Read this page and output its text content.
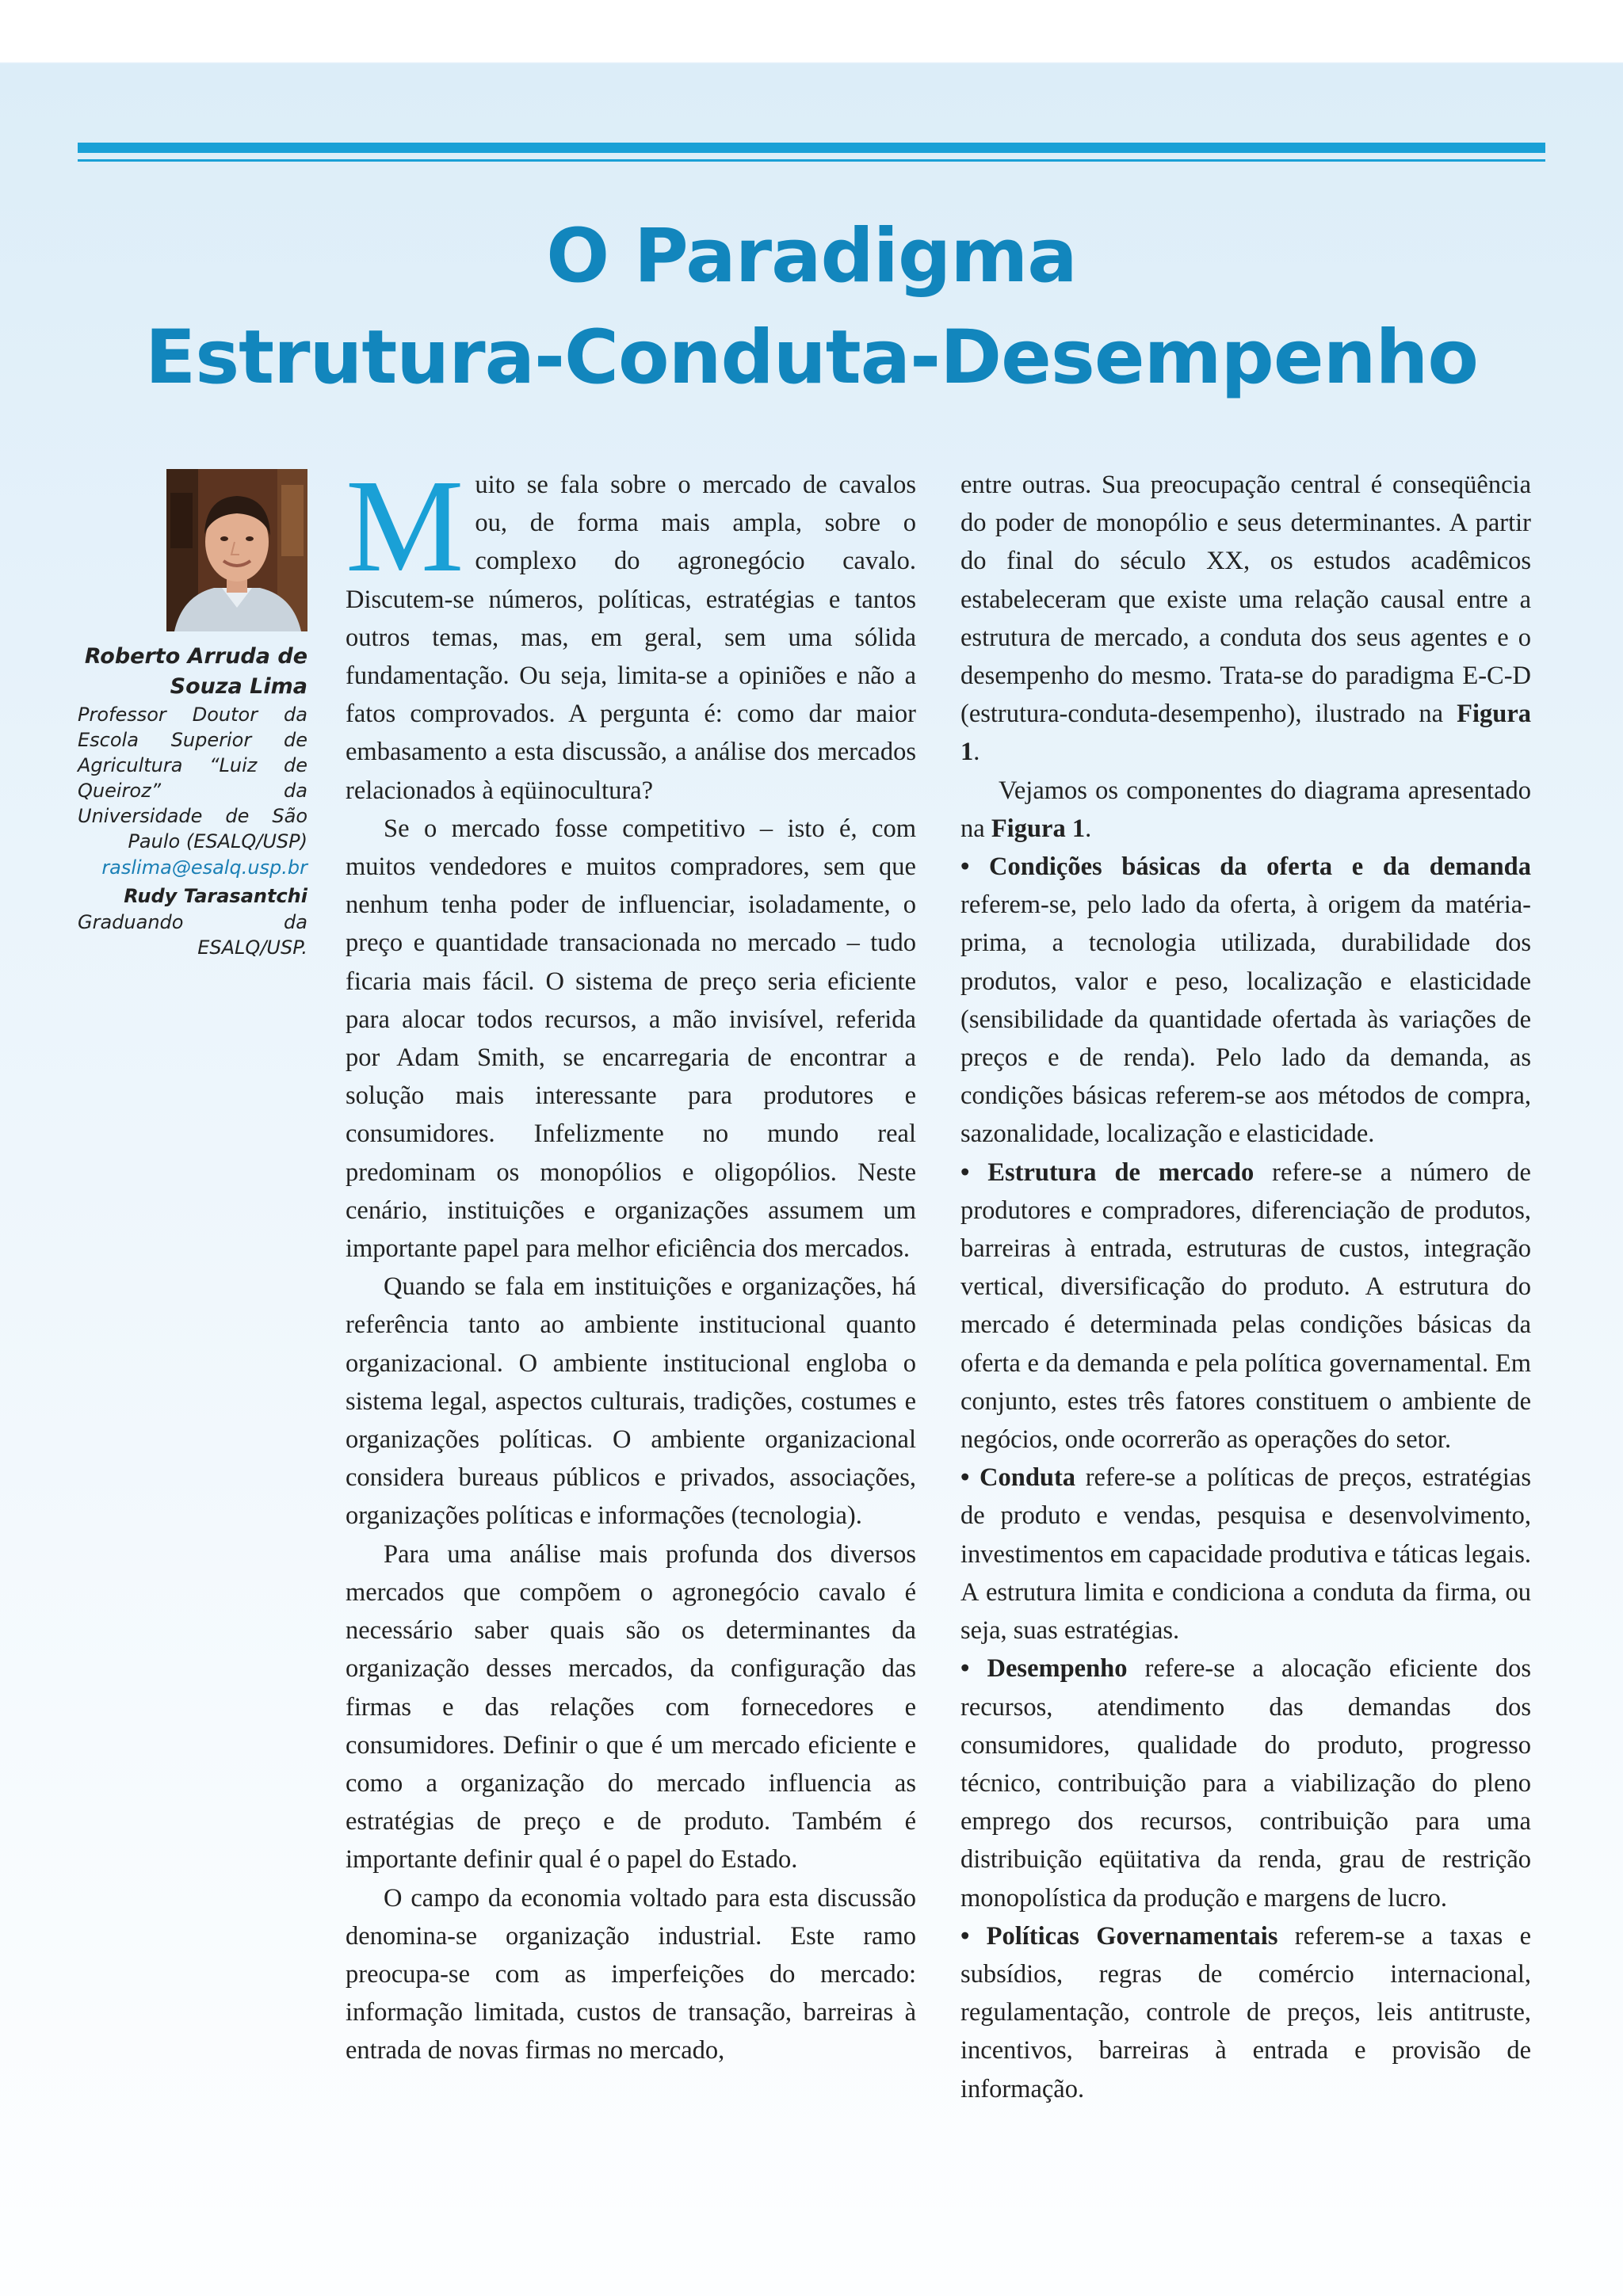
O Paradigma
Estrutura-Conduta-Desempenho
Roberto Arruda de Souza Lima
Professor Doutor da Escola Superior de Agricultura “Luiz de Queiroz” da Universidade de São Paulo (ESALQ/USP)
raslima@esalq.usp.br
Rudy Tarasantchi
Graduando da ESALQ/USP.

Muito se fala sobre o mercado de cavalos ou, de forma mais ampla, sobre o complexo do agronegócio cavalo. Discutem-se números, políticas, estratégias e tantos outros temas, mas, em geral, sem uma sólida fundamentação. Ou seja, limita-se a opiniões e não a fatos comprovados. A pergunta é: como dar maior embasamento a esta discussão, a análise dos mercados relacionados à eqüinocultura?

Se o mercado fosse competitivo – isto é, com muitos vendedores e muitos compradores, sem que nenhum tenha poder de influenciar, isoladamente, o preço e quantidade transacionada no mercado – tudo ficaria mais fácil. O sistema de preço seria eficiente para alocar todos recursos, a mão invisível, referida por Adam Smith, se encarregaria de encontrar a solução mais interessante para produtores e consumidores. Infelizmente no mundo real predominam os monopólios e oligopólios. Neste cenário, instituições e organizações assumem um importante papel para melhor eficiência dos mercados.

Quando se fala em instituições e organizações, há referência tanto ao ambiente institucional quanto organizacional. O ambiente institucional engloba o sistema legal, aspectos culturais, tradições, costumes e organizações políticas. O ambiente organizacional considera bureaus públicos e privados, associações, organizações políticas e informações (tecnologia).

Para uma análise mais profunda dos diversos mercados que compõem o agronegócio cavalo é necessário saber quais são os determinantes da organização desses mercados, da configuração das firmas e das relações com fornecedores e consumidores. Definir o que é um mercado eficiente e como a organização do mercado influencia as estratégias de preço e de produto. Também é importante definir qual é o papel do Estado.

O campo da economia voltado para esta discussão denomina-se organização industrial. Este ramo preocupa-se com as imperfeições do mercado: informação limitada, custos de transação, barreiras à entrada de novas firmas no mercado,

entre outras. Sua preocupação central é conseqüência do poder de monopólio e seus determinantes. A partir do final do século XX, os estudos acadêmicos estabeleceram que existe uma relação causal entre a estrutura de mercado, a conduta dos seus agentes e o desempenho do mesmo. Trata-se do paradigma E-C-D (estrutura-conduta-desempenho), ilustrado na Figura 1.

Vejamos os componentes do diagrama apresentado na Figura 1.

• Condições básicas da oferta e da demanda referem-se, pelo lado da oferta, à origem da matéria-prima, a tecnologia utilizada, durabilidade dos produtos, valor e peso, localização e elasticidade (sensibilidade da quantidade ofertada às variações de preços e de renda). Pelo lado da demanda, as condições básicas referem-se aos métodos de compra, sazonalidade, localização e elasticidade.

• Estrutura de mercado refere-se a número de produtores e compradores, diferenciação de produtos, barreiras à entrada, estruturas de custos, integração vertical, diversificação do produto. A estrutura do mercado é determinada pelas condições básicas da oferta e da demanda e pela política governamental. Em conjunto, estes três fatores constituem o ambiente de negócios, onde ocorrerão as operações do setor.

• Conduta refere-se a políticas de preços, estratégias de produto e vendas, pesquisa e desenvolvimento, investimentos em capacidade produtiva e táticas legais. A estrutura limita e condiciona a conduta da firma, ou seja, suas estratégias.

• Desempenho refere-se a alocação eficiente dos recursos, atendimento das demandas dos consumidores, qualidade do produto, progresso técnico, contribuição para a viabilização do pleno emprego dos recursos, contribuição para uma distribuição eqüitativa da renda, grau de restrição monopolística da produção e margens de lucro.

• Políticas Governamentais referem-se a taxas e subsídios, regras de comércio internacional, regulamentação, controle de preços, leis antitruste, incentivos, barreiras à entrada e provisão de informação.
